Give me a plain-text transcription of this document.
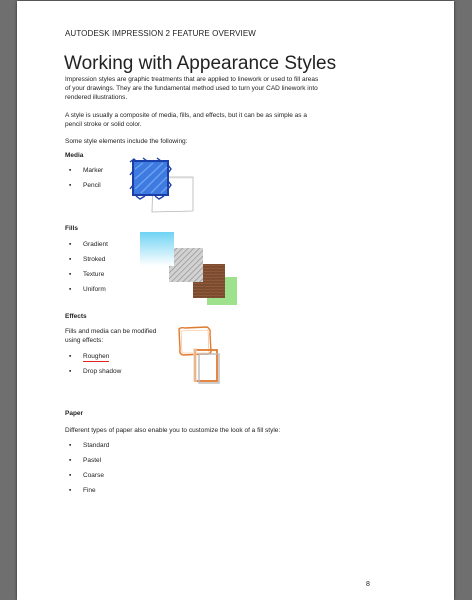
AUTODESK IMPRESSION 2 FEATURE OVERVIEW
Working with Appearance Styles
Impression styles are graphic treatments that are applied to linework or used to fill areas
of your drawings. They are the fundamental method used to turn your CAD linework into
rendered illustrations.
A style is usually a composite of media, fills, and effects, but it can be as simple as a
pencil stroke or solid color.
Some style elements include the following:
Media
▪ Marker
▪ Pencil
Fills
▪ Gradient
▪ Stroked
▪ Texture
▪ Uniform
Effects
Fills and media can be modified
using effects:
▪ Roughen
▪ Drop shadow
Paper
Different types of paper also enable you to customize the look of a fill style:
▪ Standard
▪ Pastel
▪ Coarse
▪ Fine
8
